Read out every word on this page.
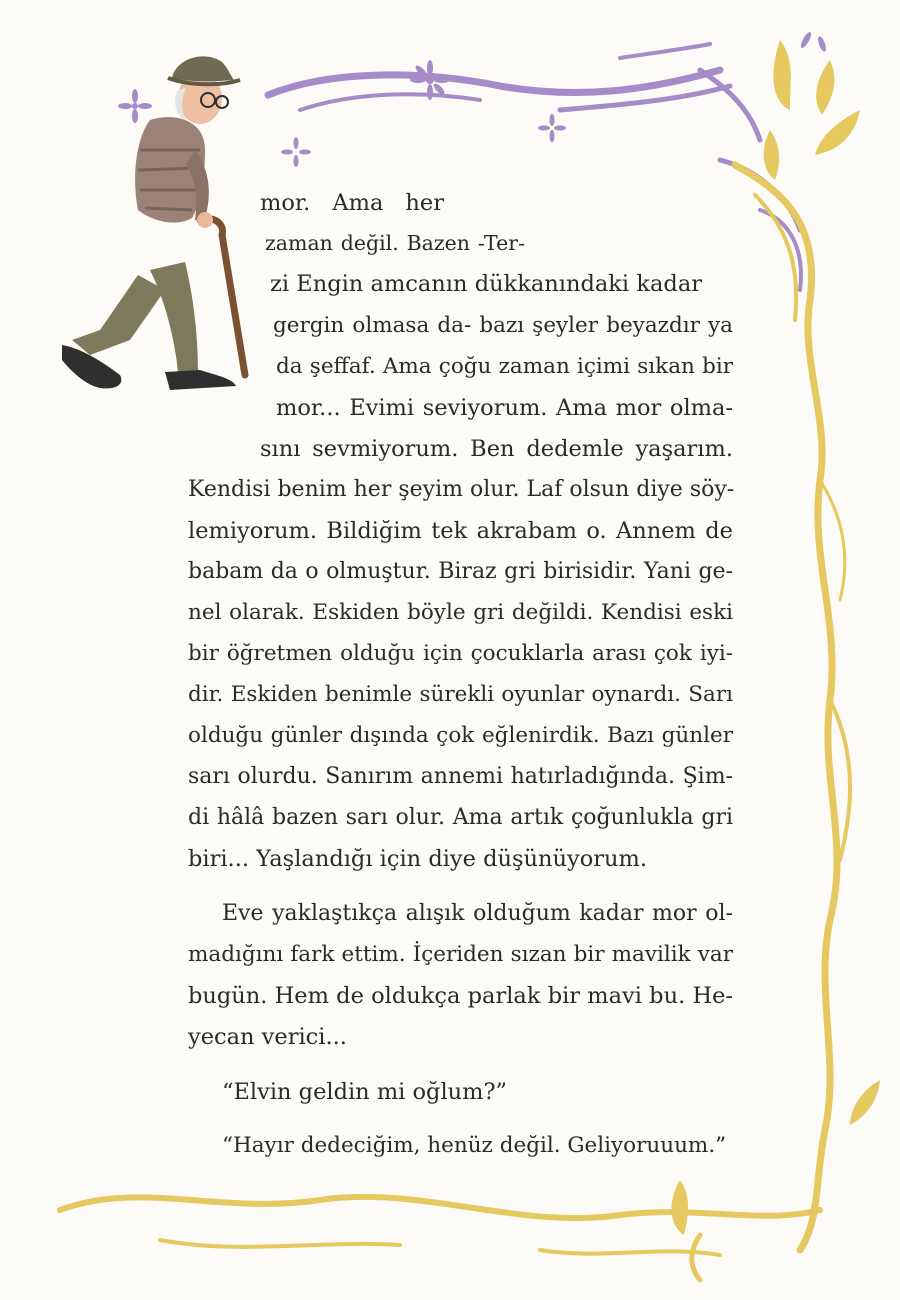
mor. Ama her
zaman değil. Bazen -Ter-
zi Engin amcanın dükkanındaki kadar
gergin olmasa da- bazı şeyler beyazdır ya
da şeffaf. Ama çoğu zaman içimi sıkan bir
mor... Evimi seviyorum. Ama mor olma-
sını sevmiyorum. Ben dedemle yaşarım.
Kendisi benim her şeyim olur. Laf olsun diye söy-
lemiyorum. Bildiğim tek akrabam o. Annem de
babam da o olmuştur. Biraz gri birisidir. Yani ge-
nel olarak. Eskiden böyle gri değildi. Kendisi eski
bir öğretmen olduğu için çocuklarla arası çok iyi-
dir. Eskiden benimle sürekli oyunlar oynardı. Sarı
olduğu günler dışında çok eğlenirdik. Bazı günler
sarı olurdu. Sanırım annemi hatırladığında. Şim-
di hâlâ bazen sarı olur. Ama artık çoğunlukla gri
biri... Yaşlandığı için diye düşünüyorum.
Eve yaklaştıkça alışık olduğum kadar mor ol-
madığını fark ettim. İçeriden sızan bir mavilik var
bugün. Hem de oldukça parlak bir mavi bu. He-
yecan verici...
“Elvin geldin mi oğlum?”
“Hayır dedeciğim, henüz değil. Geliyoruuum.”
